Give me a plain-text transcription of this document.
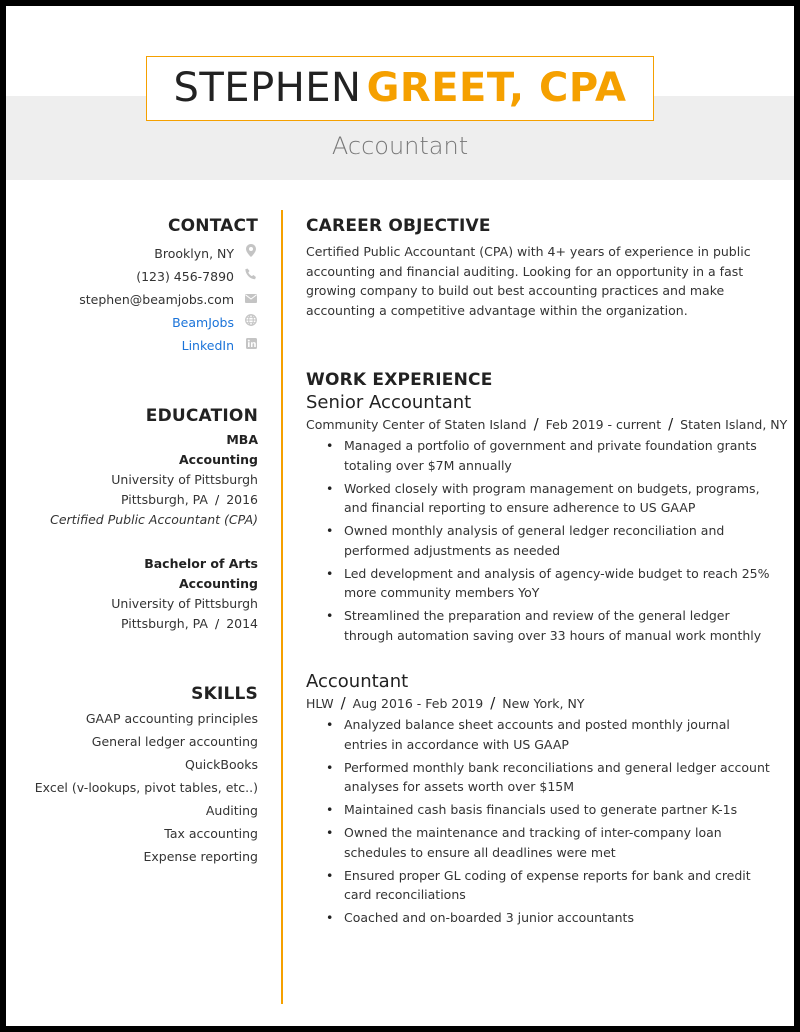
STEPHEN GREET, CPA
Accountant
CONTACT
Brooklyn, NY
(123) 456-7890
stephen@beamjobs.com
BeamJobs
LinkedIn
EDUCATION
MBA
Accounting
University of Pittsburgh
Pittsburgh, PA / 2016
Certified Public Accountant (CPA)
Bachelor of Arts
Accounting
University of Pittsburgh
Pittsburgh, PA / 2014
SKILLS
GAAP accounting principles
General ledger accounting
QuickBooks
Excel (v-lookups, pivot tables, etc..)
Auditing
Tax accounting
Expense reporting
CAREER OBJECTIVE
Certified Public Accountant (CPA) with 4+ years of experience in public accounting and financial auditing. Looking for an opportunity in a fast growing company to build out best accounting practices and make accounting a competitive advantage within the organization.
WORK EXPERIENCE
Senior Accountant
Community Center of Staten Island / Feb 2019 - current / Staten Island, NY
• Managed a portfolio of government and private foundation grants totaling over $7M annually
• Worked closely with program management on budgets, programs, and financial reporting to ensure adherence to US GAAP
• Owned monthly analysis of general ledger reconciliation and performed adjustments as needed
• Led development and analysis of agency-wide budget to reach 25% more community members YoY
• Streamlined the preparation and review of the general ledger through automation saving over 33 hours of manual work monthly
Accountant
HLW / Aug 2016 - Feb 2019 / New York, NY
• Analyzed balance sheet accounts and posted monthly journal entries in accordance with US GAAP
• Performed monthly bank reconciliations and general ledger account analyses for assets worth over $15M
• Maintained cash basis financials used to generate partner K-1s
• Owned the maintenance and tracking of inter-company loan schedules to ensure all deadlines were met
• Ensured proper GL coding of expense reports for bank and credit card reconciliations
• Coached and on-boarded 3 junior accountants
